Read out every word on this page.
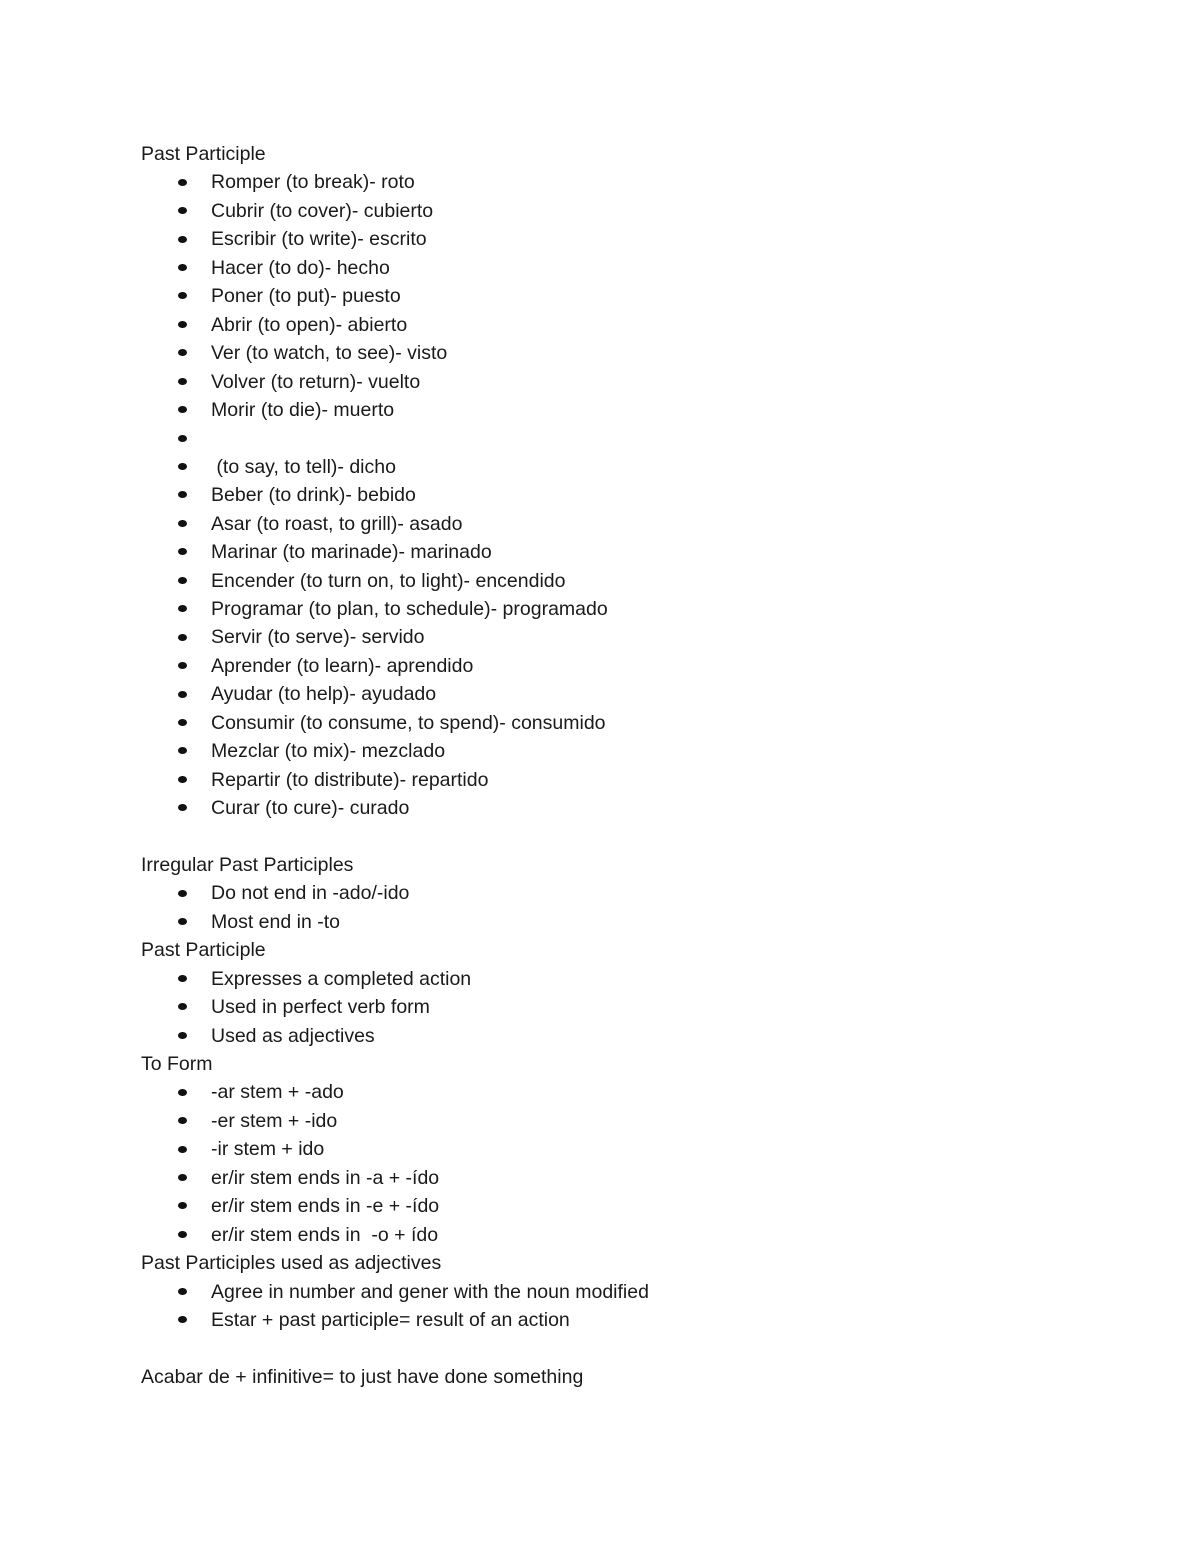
Past Participle

Romper (to break)- roto
Cubrir (to cover)- cubierto
Escribir (to write)- escrito
Hacer (to do)- hecho
Poner (to put)- puesto
Abrir (to open)- abierto
Ver (to watch, to see)- visto
Volver (to return)- vuelto
Morir (to die)- muerto
(to say, to tell)- dicho
Beber (to drink)- bebido
Asar (to roast, to grill)- asado
Marinar (to marinade)- marinado
Encender (to turn on, to light)- encendido
Programar (to plan, to schedule)- programado
Servir (to serve)- servido
Aprender (to learn)- aprendido
Ayudar (to help)- ayudado
Consumir (to consume, to spend)- consumido
Mezclar (to mix)- mezclado
Repartir (to distribute)- repartido
Curar (to cure)- curado

Irregular Past Participles

Do not end in -ado/-ido
Most end in -to

Past Participle

Expresses a completed action
Used in perfect verb form
Used as adjectives

To Form

-ar stem + -ado
-er stem + -ido
-ir stem + ido
er/ir stem ends in -a + -ído
er/ir stem ends in -e + -ído
er/ir stem ends in  -o + ído

Past Participles used as adjectives

Agree in number and gener with the noun modified
Estar + past participle= result of an action

Acabar de + infinitive= to just have done something
